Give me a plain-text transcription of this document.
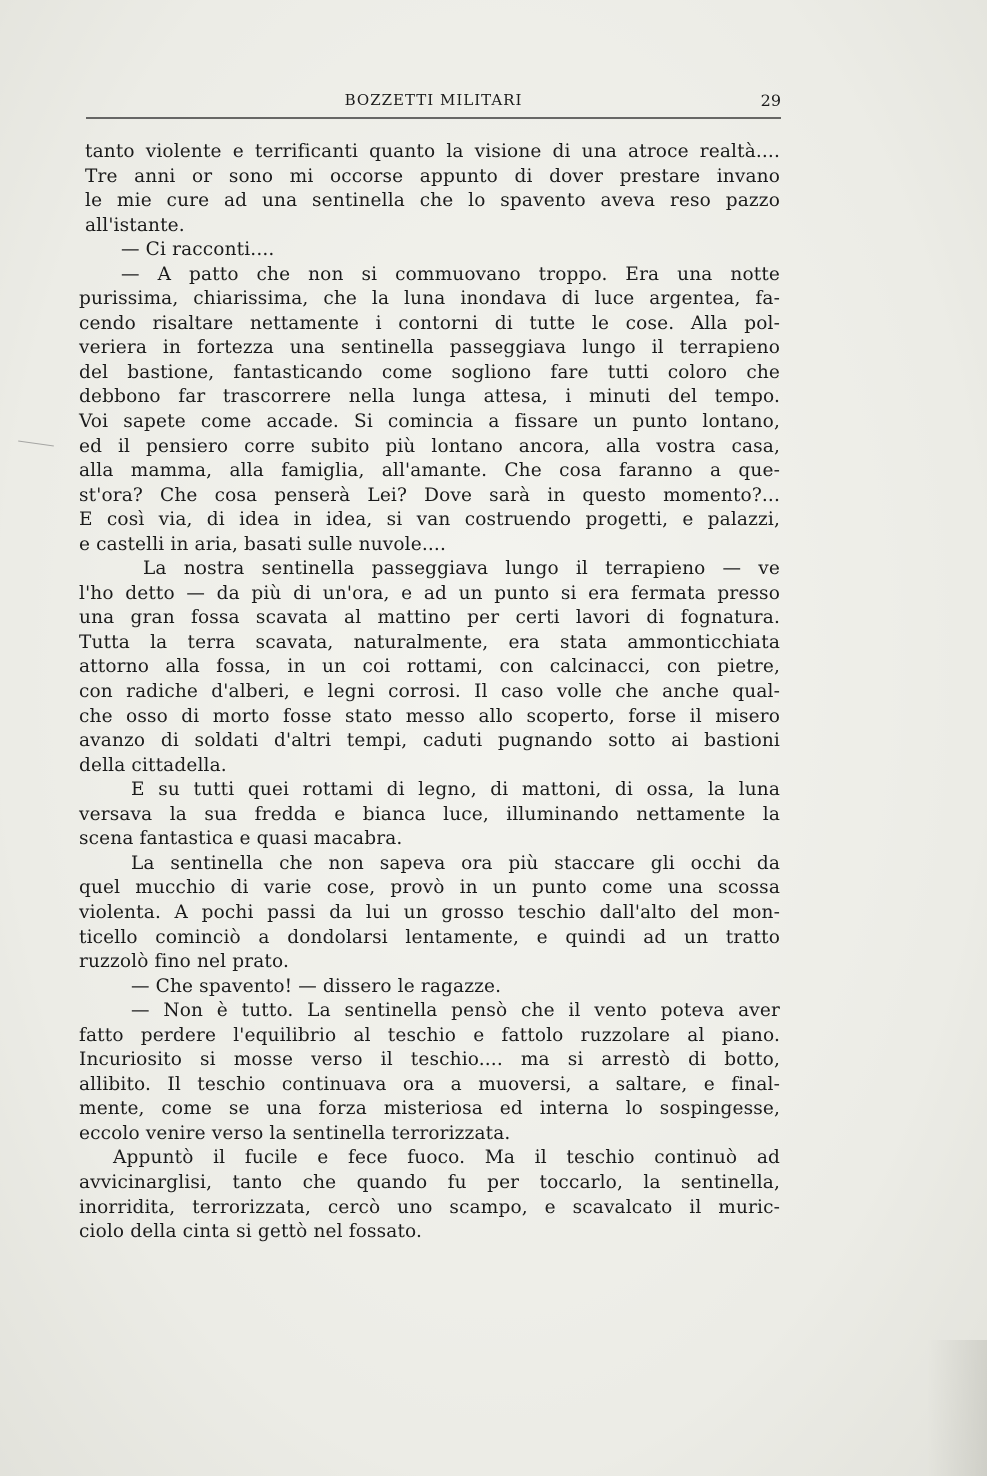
BOZZETTI MILITARI	29
tanto violente e terrificanti quanto la visione di una atroce realtà....
Tre anni or sono mi occorse appunto di dover prestare invano
le mie cure ad una sentinella che lo spavento aveva reso pazzo
all'istante.
— Ci racconti....
— A patto che non si commuovano troppo. Era una notte
purissima, chiarissima, che la luna inondava di luce argentea, fa-
cendo risaltare nettamente i contorni di tutte le cose. Alla pol-
veriera in fortezza una sentinella passeggiava lungo il terrapieno
del bastione, fantasticando come sogliono fare tutti coloro che
debbono far trascorrere nella lunga attesa, i minuti del tempo.
Voi sapete come accade. Si comincia a fissare un punto lontano,
ed il pensiero corre subito più lontano ancora, alla vostra casa,
alla mamma, alla famiglia, all'amante. Che cosa faranno a que-
st'ora? Che cosa penserà Lei? Dove sarà in questo momento?...
E così via, di idea in idea, si van costruendo progetti, e palazzi,
e castelli in aria, basati sulle nuvole....
La nostra sentinella passeggiava lungo il terrapieno — ve
l'ho detto — da più di un'ora, e ad un punto si era fermata presso
una gran fossa scavata al mattino per certi lavori di fognatura.
Tutta la terra scavata, naturalmente, era stata ammonticchiata
attorno alla fossa, in un coi rottami, con calcinacci, con pietre,
con radiche d'alberi, e legni corrosi. Il caso volle che anche qual-
che osso di morto fosse stato messo allo scoperto, forse il misero
avanzo di soldati d'altri tempi, caduti pugnando sotto ai bastioni
della cittadella.
E su tutti quei rottami di legno, di mattoni, di ossa, la luna
versava la sua fredda e bianca luce, illuminando nettamente la
scena fantastica e quasi macabra.
La sentinella che non sapeva ora più staccare gli occhi da
quel mucchio di varie cose, provò in un punto come una scossa
violenta. A pochi passi da lui un grosso teschio dall'alto del mon-
ticello cominciò a dondolarsi lentamente, e quindi ad un tratto
ruzzolò fino nel prato.
— Che spavento! — dissero le ragazze.
— Non è tutto. La sentinella pensò che il vento poteva aver
fatto perdere l'equilibrio al teschio e fattolo ruzzolare al piano.
Incuriosito si mosse verso il teschio.... ma si arrestò di botto,
allibito. Il teschio continuava ora a muoversi, a saltare, e final-
mente, come se una forza misteriosa ed interna lo sospingesse,
eccolo venire verso la sentinella terrorizzata.
Appuntò il fucile e fece fuoco. Ma il teschio continuò ad
avvicinarglisi, tanto che quando fu per toccarlo, la sentinella,
inorridita, terrorizzata, cercò uno scampo, e scavalcato il muric-
ciolo della cinta si gettò nel fossato.
